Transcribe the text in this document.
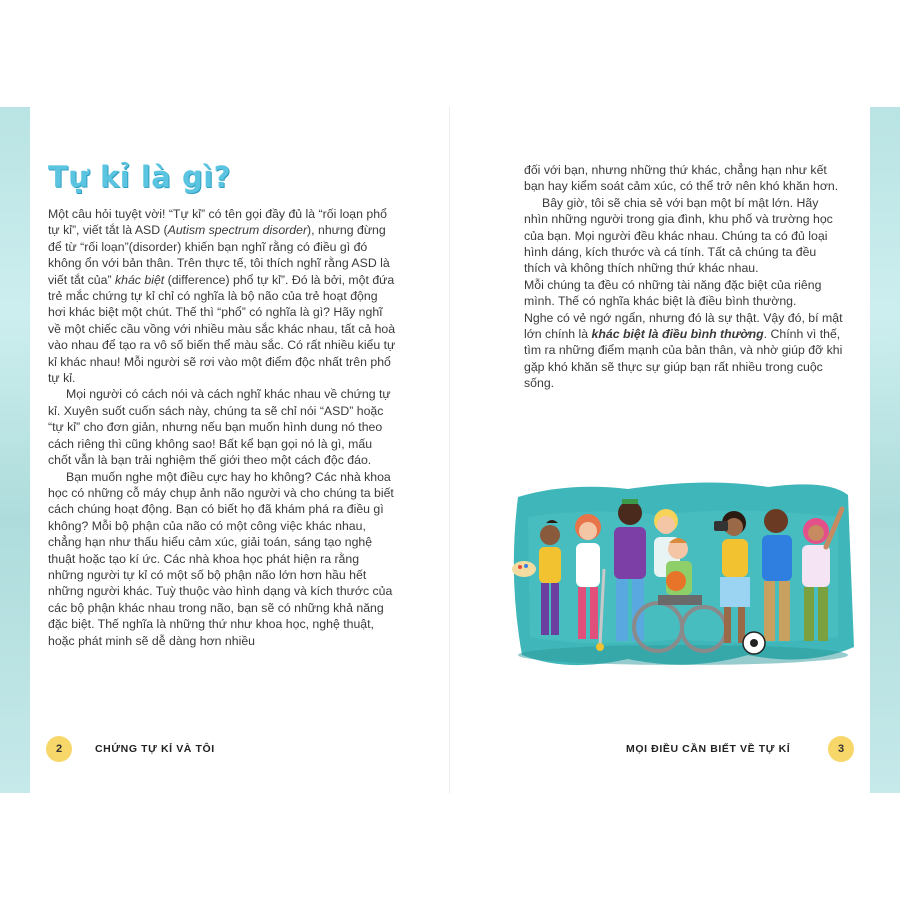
Tự kỉ là gì?

Một câu hỏi tuyệt vời! “Tự kỉ” có tên gọi đầy đủ là “rối loạn phổ tự kỉ”, viết tắt là ASD (Autism spectrum disorder), nhưng đừng để từ “rối loạn”(disorder) khiến bạn nghĩ rằng có điều gì đó không ổn với bản thân. Trên thực tế, tôi thích nghĩ rằng ASD là viết tắt của” khác biệt (difference) phổ tự kỉ”. Đó là bởi, một đứa trẻ mắc chứng tự kỉ chỉ có nghĩa là bộ não của trẻ hoạt động hơi khác biệt một chút. Thế thì “phổ” có nghĩa là gì? Hãy nghĩ về một chiếc cầu vồng với nhiều màu sắc khác nhau, tất cả hoà vào nhau để tạo ra vô số biến thể màu sắc. Có rất nhiều kiểu tự kỉ khác nhau! Mỗi người sẽ rơi vào một điểm độc nhất trên phổ tự kỉ.

Mọi người có cách nói và cách nghĩ khác nhau về chứng tự kỉ. Xuyên suốt cuốn sách này, chúng ta sẽ chỉ nói “ASD” hoặc “tự kỉ” cho đơn giản, nhưng nếu bạn muốn hình dung nó theo cách riêng thì cũng không sao! Bất kể bạn gọi nó là gì, mấu chốt vẫn là bạn trải nghiệm thế giới theo một cách độc đáo.

Bạn muốn nghe một điều cực hay ho không? Các nhà khoa học có những cỗ máy chụp ảnh não người và cho chúng ta biết cách chúng hoạt động. Bạn có biết họ đã khám phá ra điều gì không? Mỗi bộ phận của não có một công việc khác nhau, chẳng hạn như thấu hiểu cảm xúc, giải toán, sáng tạo nghệ thuật hoặc tạo kí ức. Các nhà khoa học phát hiện ra rằng những người tự kỉ có một số bộ phận não lớn hơn hầu hết những người khác. Tuỳ thuộc vào hình dạng và kích thước của các bộ phận khác nhau trong não, bạn sẽ có những khả năng đặc biệt. Thế nghĩa là những thứ như khoa học, nghệ thuật, hoặc phát minh sẽ dễ dàng hơn nhiều

2	CHỨNG TỰ KỈ VÀ TÔI

đối với bạn, nhưng những thứ khác, chẳng hạn như kết bạn hay kiểm soát cảm xúc, có thể trở nên khó khăn hơn.

Bây giờ, tôi sẽ chia sẻ với bạn một bí mật lớn. Hãy nhìn những người trong gia đình, khu phố và trường học của bạn. Mọi người đều khác nhau. Chúng ta có đủ loại hình dáng, kích thước và cá tính. Tất cả chúng ta đều thích và không thích những thứ khác nhau.

Mỗi chúng ta đều có những tài năng đặc biệt của riêng mình. Thế có nghĩa khác biệt là điều bình thường.

Nghe có vẻ ngớ ngẩn, nhưng đó là sự thật. Vậy đó, bí mật lớn chính là khác biệt là điều bình thường. Chính vì thế, tìm ra những điểm mạnh của bản thân, và nhờ giúp đỡ khi gặp khó khăn sẽ thực sự giúp bạn rất nhiều trong cuộc sống.

3
MỌI ĐIỀU CẦN BIẾT VỀ TỰ KỈ
